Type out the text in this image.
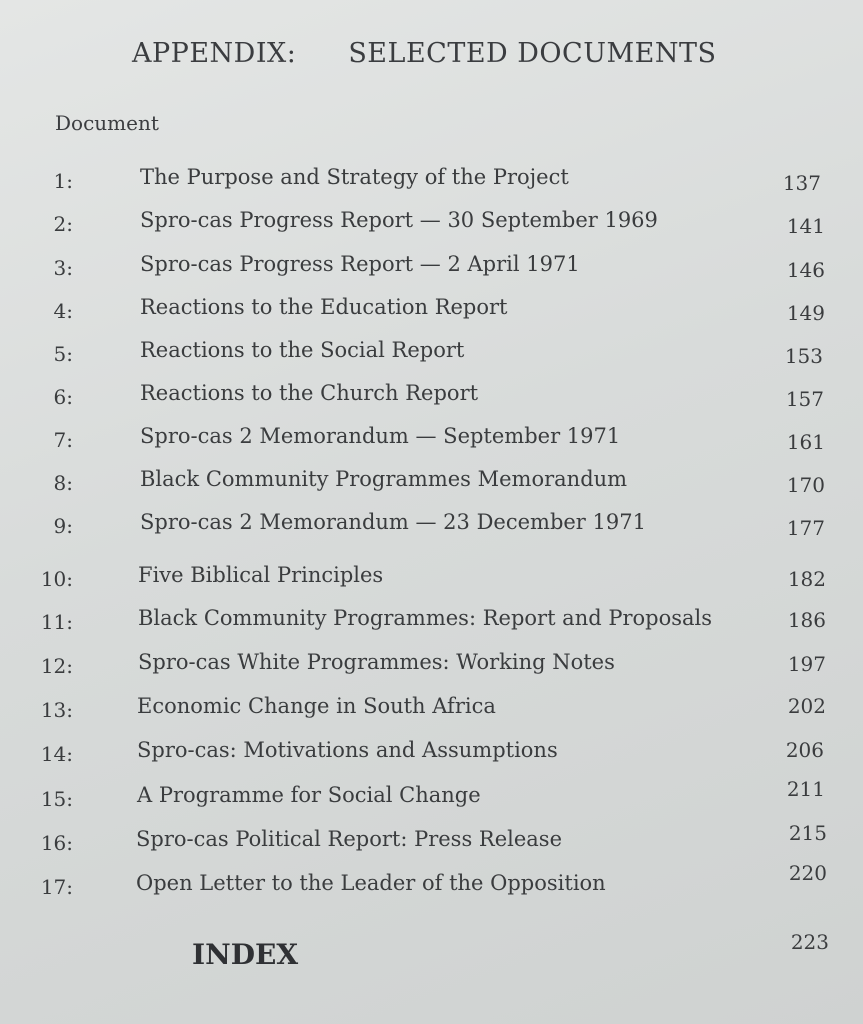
APPENDIX: SELECTED DOCUMENTS
Document
1:	The Purpose and Strategy of the Project	137
2:	Spro-cas Progress Report — 30 September 1969	141
3:	Spro-cas Progress Report — 2 April 1971	146
4:	Reactions to the Education Report	149
5:	Reactions to the Social Report	153
6:	Reactions to the Church Report	157
7:	Spro-cas 2 Memorandum — September 1971	161
8:	Black Community Programmes Memorandum	170
9:	Spro-cas 2 Memorandum — 23 December 1971	177
10:	Five Biblical Principles	182
11:	Black Community Programmes: Report and Proposals	186
12:	Spro-cas White Programmes: Working Notes	197
13:	Economic Change in South Africa	202
14:	Spro-cas: Motivations and Assumptions	206
15:	A Programme for Social Change	211
16:	Spro-cas Political Report: Press Release	215
17:	Open Letter to the Leader of the Opposition	220
INDEX	223
